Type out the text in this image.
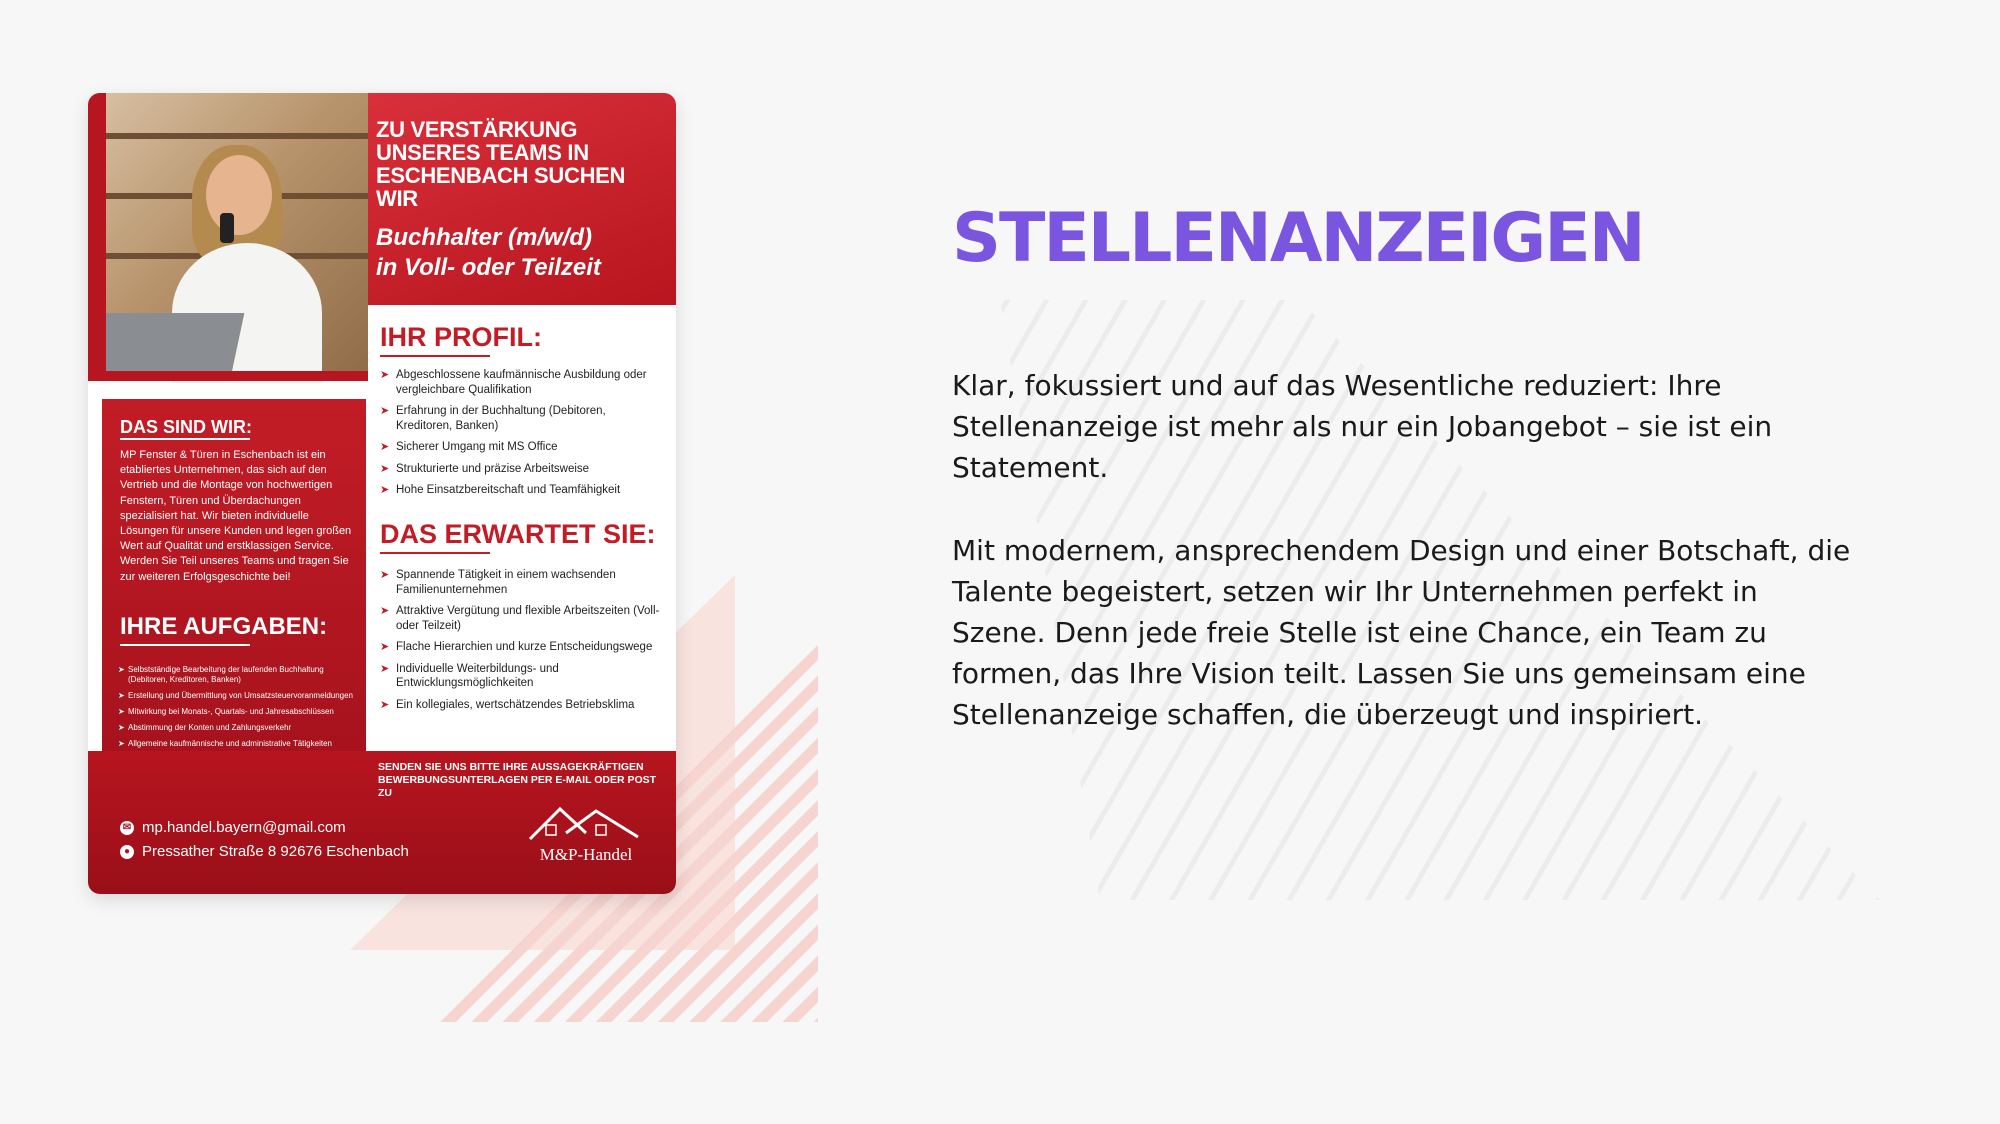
ZU VERSTÄRKUNG UNSERES TEAMS IN ESCHENBACH SUCHEN WIR
Buchhalter (m/w/d)
in Voll- oder Teilzeit
IHR PROFIL:
➤ Abgeschlossene kaufmännische Ausbildung oder vergleichbare Qualifikation
➤ Erfahrung in der Buchhaltung (Debitoren, Kreditoren, Banken)
➤ Sicherer Umgang mit MS Office
➤ Strukturierte und präzise Arbeitsweise
➤ Hohe Einsatzbereitschaft und Teamfähigkeit
DAS ERWARTET SIE:
➤ Spannende Tätigkeit in einem wachsenden Familienunternehmen
➤ Attraktive Vergütung und flexible Arbeitszeiten (Voll- oder Teilzeit)
➤ Flache Hierarchien und kurze Entscheidungswege
➤ Individuelle Weiterbildungs- und Entwicklungsmöglichkeiten
➤ Ein kollegiales, wertschätzendes Betriebsklima
DAS SIND WIR:
MP Fenster & Türen in Eschenbach ist ein etabliertes Unternehmen, das sich auf den Vertrieb und die Montage von hochwertigen Fenstern, Türen und Überdachungen spezialisiert hat. Wir bieten individuelle Lösungen für unsere Kunden und legen großen Wert auf Qualität und erstklassigen Service. Werden Sie Teil unseres Teams und tragen Sie zur weiteren Erfolgsgeschichte bei!
IHRE AUFGABEN:
➤ Selbstständige Bearbeitung der laufenden Buchhaltung (Debitoren, Kreditoren, Banken)
➤ Erstellung und Übermittlung von Umsatzsteuervoranmeldungen
➤ Mitwirkung bei Monats-, Quartals- und Jahresabschlüssen
➤ Abstimmung der Konten und Zahlungsverkehr
➤ Allgemeine kaufmännische und administrative Tätigkeiten
SENDEN SIE UNS BITTE IHRE AUSSAGEKRÄFTIGEN BEWERBUNGSUNTERLAGEN PER E-MAIL ODER POST ZU
✉ mp.handel.bayern@gmail.com
● Pressather Straße 8 92676 Eschenbach	M&P-Handel
STELLENANZEIGEN
Klar, fokussiert und auf das Wesentliche reduziert: Ihre Stellenanzeige ist mehr als nur ein Jobangebot – sie ist ein Statement.
Mit modernem, ansprechendem Design und einer Botschaft, die Talente begeistert, setzen wir Ihr Unternehmen perfekt in Szene. Denn jede freie Stelle ist eine Chance, ein Team zu formen, das Ihre Vision teilt. Lassen Sie uns gemeinsam eine Stellenanzeige schaffen, die überzeugt und inspiriert.
